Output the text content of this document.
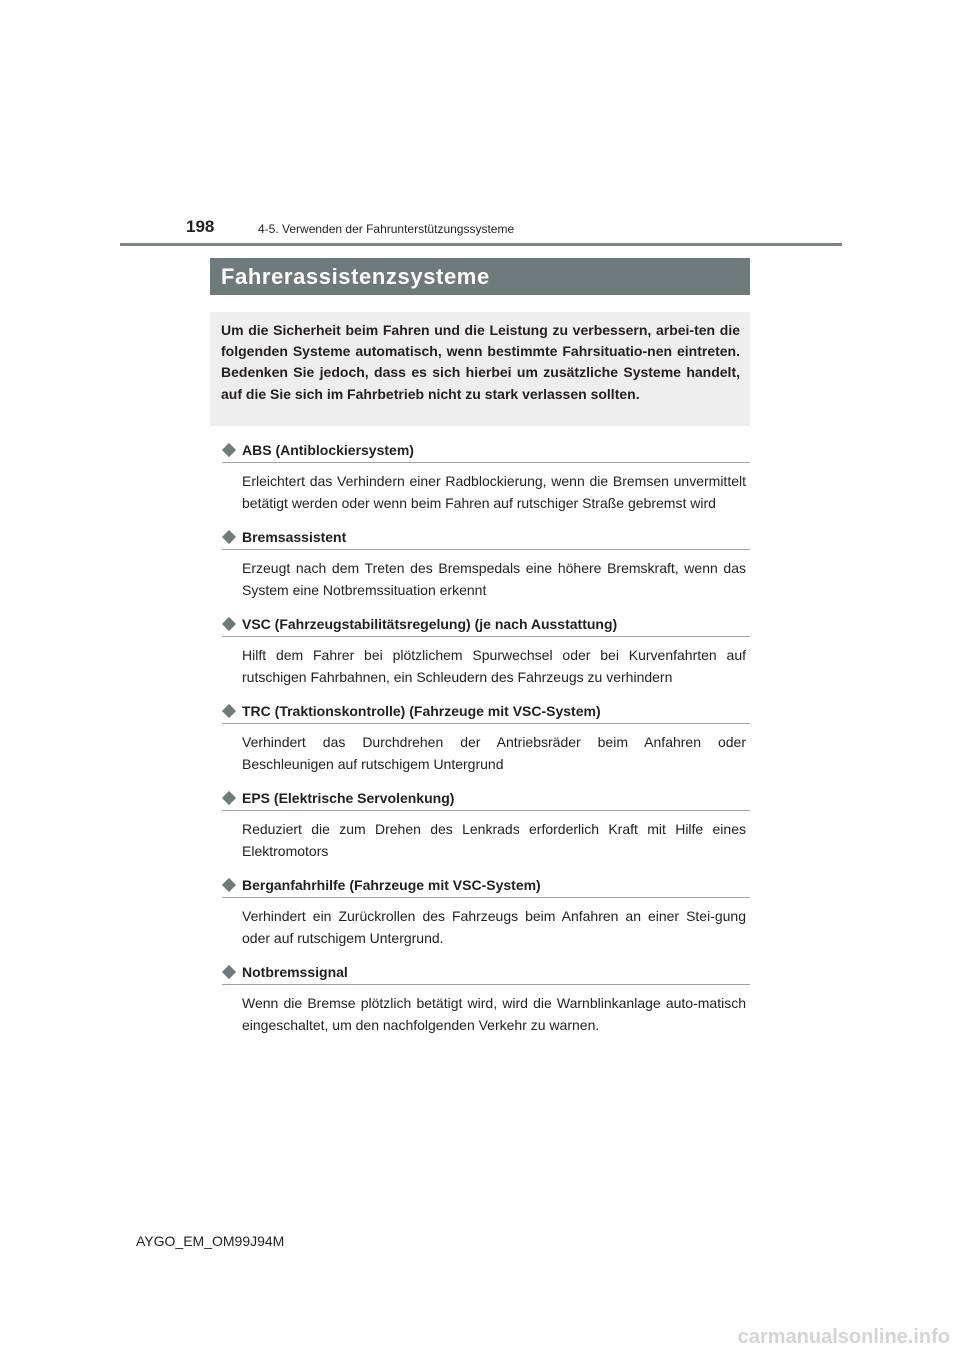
198	4-5. Verwenden der Fahrunterstützungssysteme

Fahrerassistenzsysteme

Um die Sicherheit beim Fahren und die Leistung zu verbessern, arbei-ten die folgenden Systeme automatisch, wenn bestimmte Fahrsituatio-nen eintreten. Bedenken Sie jedoch, dass es sich hierbei um zusätzliche Systeme handelt, auf die Sie sich im Fahrbetrieb nicht zu stark verlassen sollten.

ABS (Antiblockiersystem)

Erleichtert das Verhindern einer Radblockierung, wenn die Bremsen unvermittelt betätigt werden oder wenn beim Fahren auf rutschiger Straße gebremst wird

Bremsassistent

Erzeugt nach dem Treten des Bremspedals eine höhere Bremskraft, wenn das System eine Notbremssituation erkennt

VSC (Fahrzeugstabilitätsregelung) (je nach Ausstattung)

Hilft dem Fahrer bei plötzlichem Spurwechsel oder bei Kurvenfahrten auf rutschigen Fahrbahnen, ein Schleudern des Fahrzeugs zu verhindern

TRC (Traktionskontrolle) (Fahrzeuge mit VSC-System)

Verhindert das Durchdrehen der Antriebsräder beim Anfahren oder Beschleunigen auf rutschigem Untergrund

EPS (Elektrische Servolenkung)

Reduziert die zum Drehen des Lenkrads erforderlich Kraft mit Hilfe eines Elektromotors

Berganfahrhilfe (Fahrzeuge mit VSC-System)

Verhindert ein Zurückrollen des Fahrzeugs beim Anfahren an einer Stei-gung oder auf rutschigem Untergrund.

Notbremssignal

Wenn die Bremse plötzlich betätigt wird, wird die Warnblinkanlage auto-matisch eingeschaltet, um den nachfolgenden Verkehr zu warnen.

AYGO_EM_OM99J94M

carmanualsonline.info
